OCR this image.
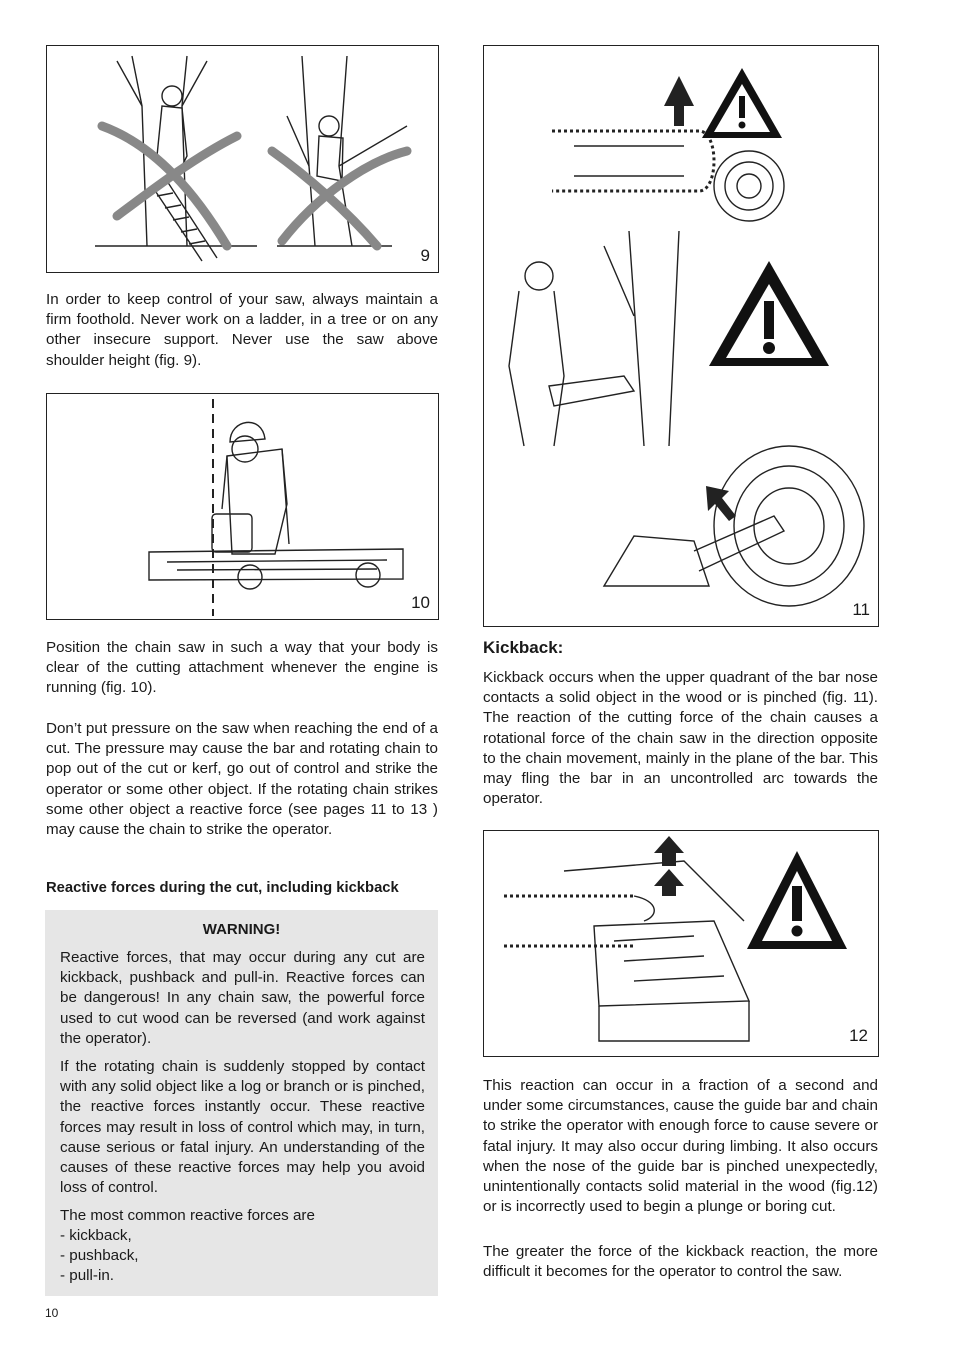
9

In order to keep control of your saw, always maintain a firm foothold. Never work on a ladder, in a tree or on any other insecure support. Never use the saw above shoulder height (fig. 9).

10

Position the chain saw in such a way that your body is clear of the cutting attachment whenever the engine is running (fig. 10).

Don’t put pressure on the saw when reaching the end of a cut. The pressure may cause the bar and rotating chain to pop out of the cut or kerf, go out of control and strike the operator or some other object. If the rotating chain strikes some other object a reactive force (see pages 11 to 13 ) may cause the chain to strike the operator.

Reactive forces during the cut, including kickback
WARNING!

Reactive forces, that may occur during any cut are kickback, pushback and pull-in. Reactive forces can be dangerous! In any chain saw, the powerful force used to cut wood can be reversed (and work against the operator).

If the rotating chain is suddenly stopped by contact with any solid object like a log or branch or is pinched, the reactive forces instantly occur. These reactive forces may result in loss of control which may, in turn, cause serious or fatal injury. An understanding of the causes of these reactive forces may help you avoid loss of control.

The most common reactive forces are

- kickback,
- pushback,
- pull-in.
11
Kickback:

Kickback occurs when the upper quadrant of the bar nose contacts a solid object in the wood or is pinched (fig. 11). The reaction of the cutting force of the chain causes a rotational force of the chain saw in the direction opposite to the chain movement, mainly in the plane of the bar. This may fling the bar in an uncontrolled arc towards the operator.

12

This reaction can occur in a fraction of a second and under some circumstances, cause the guide bar and chain to strike the operator with enough force to cause severe or fatal injury. It may also occur during limbing. It also occurs when the nose of the guide bar is pinched unexpectedly, unintentionally contacts solid material in the wood (fig.12) or is incorrectly used to begin a plunge or boring cut.

The greater the force of the kickback reaction, the more difficult it becomes for the operator to control the saw.

10
